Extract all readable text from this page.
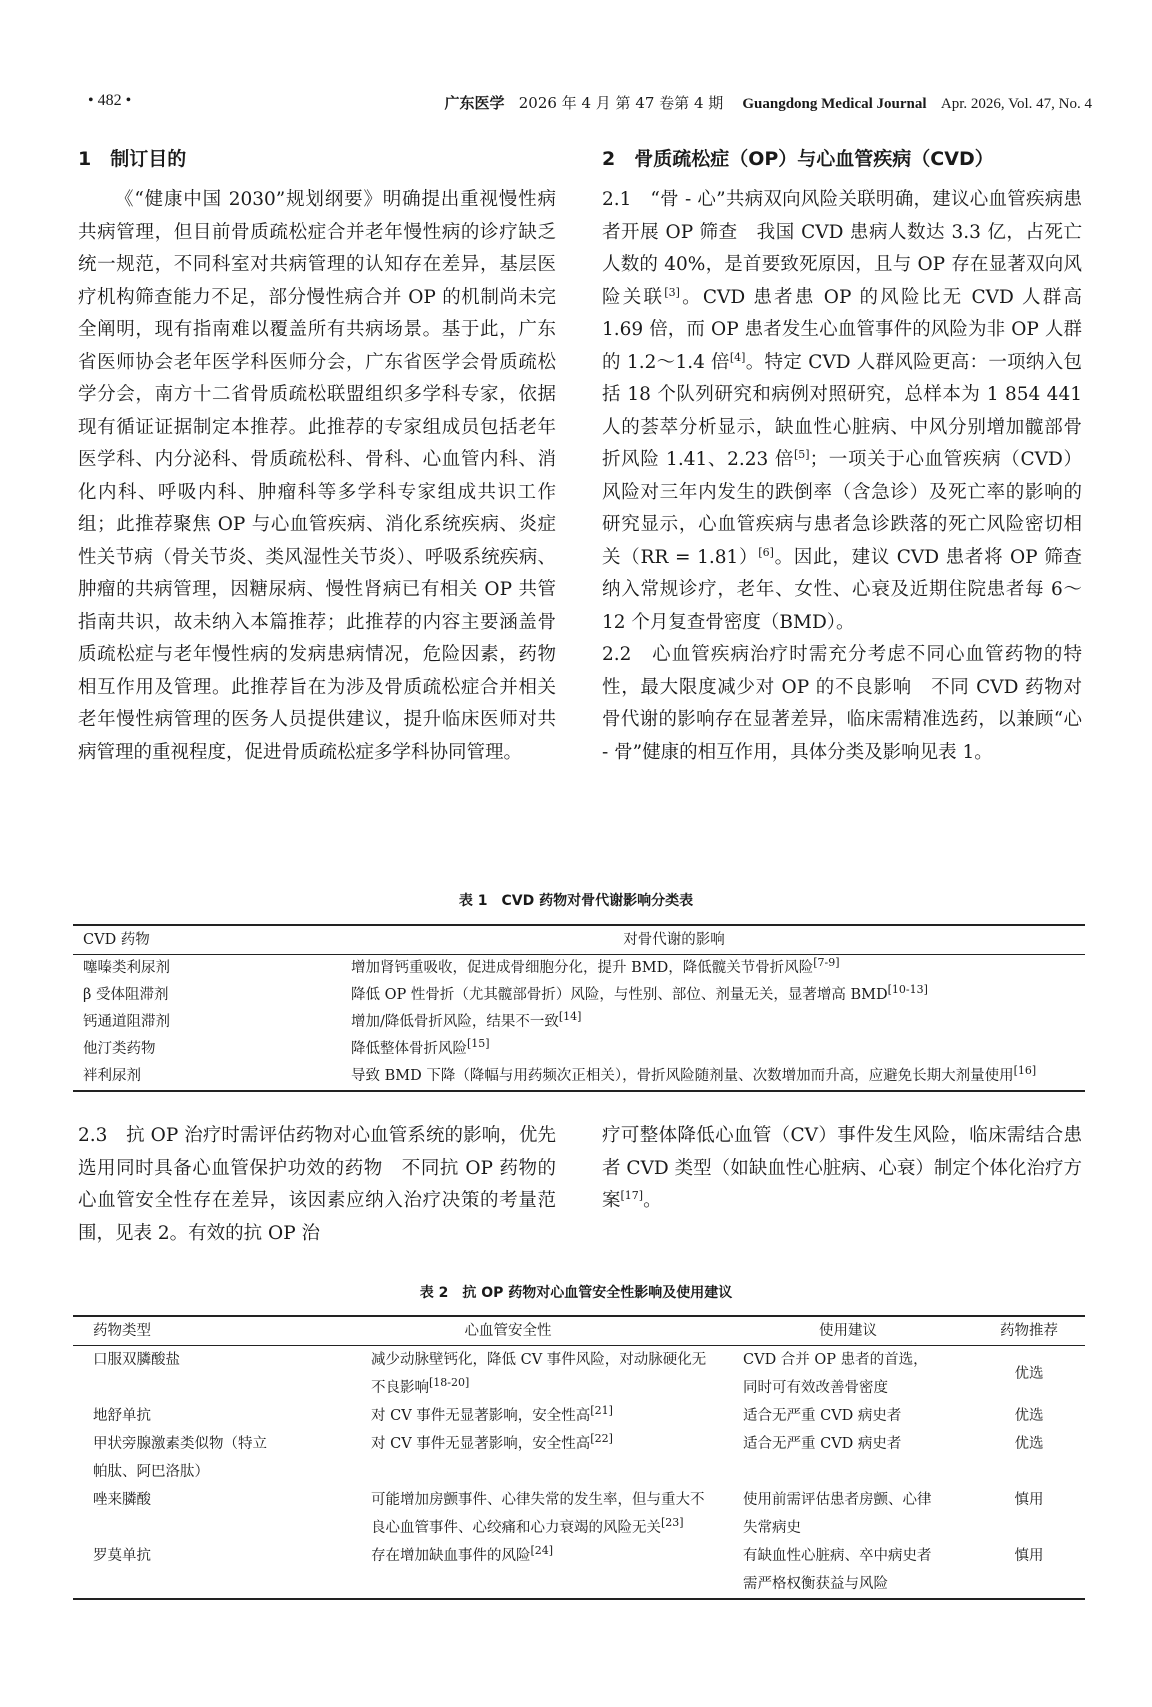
• 482 •	广东医学 2026 年 4 月 第 47 卷第 4 期 Guangdong Medical Journal Apr. 2026, Vol. 47, No. 4
1　制订目的

《“健康中国 2030”规划纲要》明确提出重视慢性病共病管理，但目前骨质疏松症合并老年慢性病的诊疗缺乏统一规范，不同科室对共病管理的认知存在差异，基层医疗机构筛查能力不足，部分慢性病合并 OP 的机制尚未完全阐明，现有指南难以覆盖所有共病场景。基于此，广东省医师协会老年医学科医师分会，广东省医学会骨质疏松学分会，南方十二省骨质疏松联盟组织多学科专家，依据现有循证证据制定本推荐。此推荐的专家组成员包括老年医学科、内分泌科、骨质疏松科、骨科、心血管内科、消化内科、呼吸内科、肿瘤科等多学科专家组成共识工作组；此推荐聚焦 OP 与心血管疾病、消化系统疾病、炎症性关节病（骨关节炎、类风湿性关节炎）、呼吸系统疾病、肿瘤的共病管理，因糖尿病、慢性肾病已有相关 OP 共管指南共识，故未纳入本篇推荐；此推荐的内容主要涵盖骨质疏松症与老年慢性病的发病患病情况，危险因素，药物相互作用及管理。此推荐旨在为涉及骨质疏松症合并相关老年慢性病管理的医务人员提供建议，提升临床医师对共病管理的重视程度，促进骨质疏松症多学科协同管理。

2　骨质疏松症（OP）与心血管疾病（CVD）

2.1　“骨 - 心”共病双向风险关联明确，建议心血管疾病患者开展 OP 筛查　我国 CVD 患病人数达 3.3 亿，占死亡人数的 40%，是首要致死原因，且与 OP 存在显著双向风险关联[3]。CVD 患者患 OP 的风险比无 CVD 人群高 1.69 倍，而 OP 患者发生心血管事件的风险为非 OP 人群的 1.2～1.4 倍[4]。特定 CVD 人群风险更高：一项纳入包括 18 个队列研究和病例对照研究，总样本为 1 854 441 人的荟萃分析显示，缺血性心脏病、中风分别增加髋部骨折风险 1.41、2.23 倍[5]；一项关于心血管疾病（CVD）风险对三年内发生的跌倒率（含急诊）及死亡率的影响的研究显示，心血管疾病与患者急诊跌落的死亡风险密切相关（RR = 1.81）[6]。因此，建议 CVD 患者将 OP 筛查纳入常规诊疗，老年、女性、心衰及近期住院患者每 6～12 个月复查骨密度（BMD）。

2.2　心血管疾病治疗时需充分考虑不同心血管药物的特性，最大限度减少对 OP 的不良影响　不同 CVD 药物对骨代谢的影响存在显著差异，临床需精准选药，以兼顾“心 - 骨”健康的相互作用，具体分类及影响见表 1。

表 1　CVD 药物对骨代谢影响分类表
CVD 药物	对骨代谢的影响
噻嗪类利尿剂	增加肾钙重吸收，促进成骨细胞分化，提升 BMD，降低髋关节骨折风险[7-9]
β 受体阻滞剂	降低 OP 性骨折（尤其髋部骨折）风险，与性别、部位、剂量无关，显著增高 BMD[10-13]
钙通道阻滞剂	增加/降低骨折风险，结果不一致[14]
他汀类药物	降低整体骨折风险[15]
袢利尿剂	导致 BMD 下降（降幅与用药频次正相关），骨折风险随剂量、次数增加而升高，应避免长期大剂量使用[16]

2.3　抗 OP 治疗时需评估药物对心血管系统的影响，优先选用同时具备心血管保护功效的药物　不同抗 OP 药物的心血管安全性存在差异，该因素应纳入治疗决策的考量范围，见表 2。有效的抗 OP 治

疗可整体降低心血管（CV）事件发生风险，临床需结合患者 CVD 类型（如缺血性心脏病、心衰）制定个体化治疗方案[17]。

表 2　抗 OP 药物对心血管安全性影响及使用建议
药物类型	心血管安全性	使用建议	药物推荐
口服双膦酸盐	减少动脉壁钙化，降低 CV 事件风险，对动脉硬化无不良影响[18-20]	CVD 合并 OP 患者的首选，同时可有效改善骨密度	优选
地舒单抗	对 CV 事件无显著影响，安全性高[21]	适合无严重 CVD 病史者	优选
甲状旁腺激素类似物（特立帕肽、阿巴洛肽）	对 CV 事件无显著影响，安全性高[22]	适合无严重 CVD 病史者	优选
唑来膦酸	可能增加房颤事件、心律失常的发生率，但与重大不良心血管事件、心绞痛和心力衰竭的风险无关[23]	使用前需评估患者房颤、心律失常病史	慎用
罗莫单抗	存在增加缺血事件的风险[24]	有缺血性心脏病、卒中病史者需严格权衡获益与风险	慎用
